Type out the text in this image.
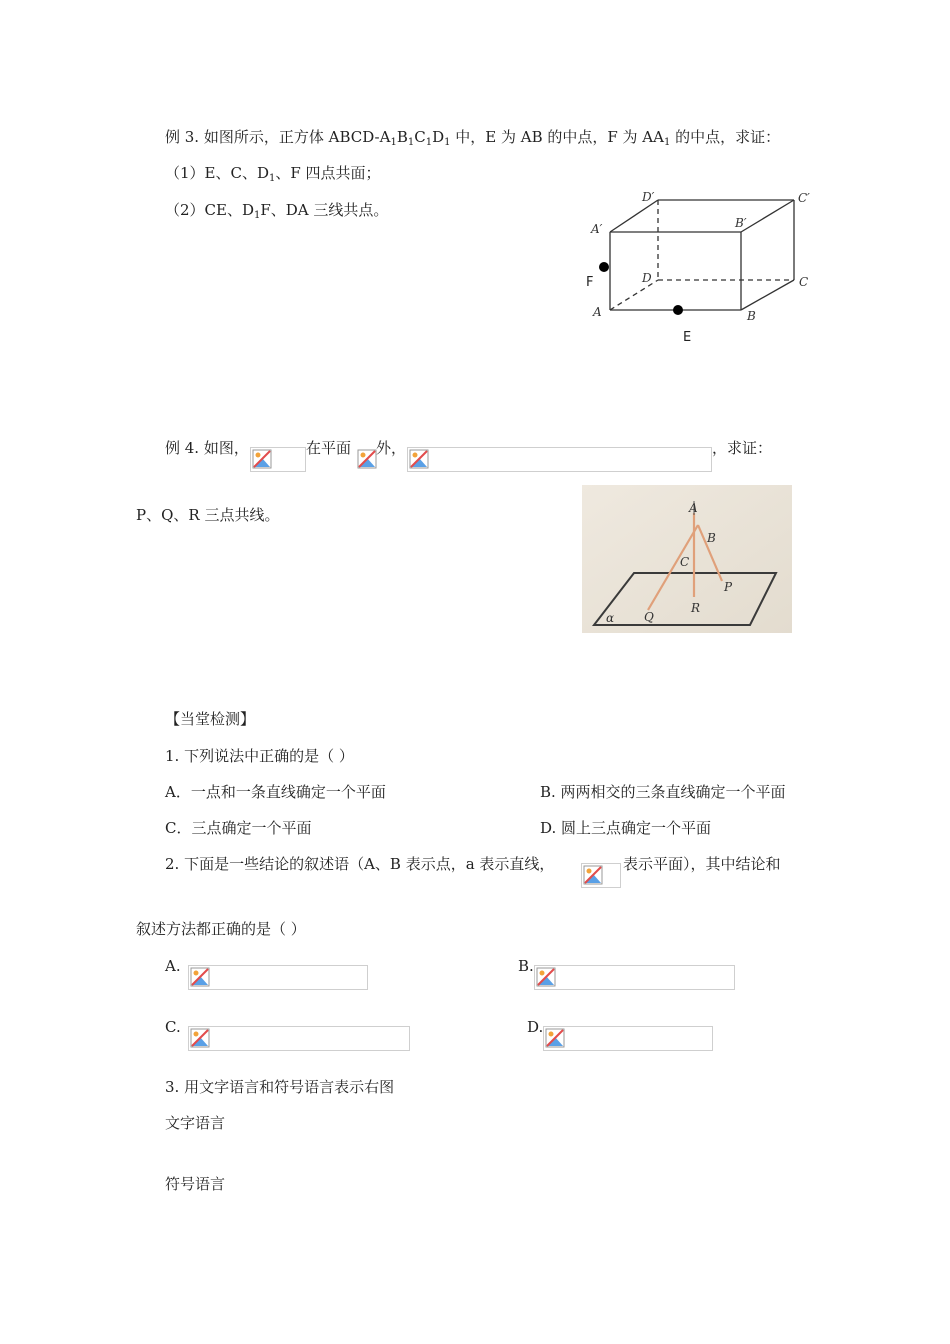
例 3. 如图所示，正方体 ABCD-$A_1B_1C_1D_1$ 中，E 为 AB 的中点，F 为 $AA_1$ 的中点，求证：
（1）E、C、$D_1$、F 四点共面；
（2）CE、$D_1F$、DA 三线共点。
D′	C′
A′	B′
D	C
A	B
F
E
例 4. 如图，	在平面 外，	，求证：
P、Q、R 三点共线。	A
B
C
P
Q
R
α
【当堂检测】
1. 下列说法中正确的是（ ）
A．一点和一条直线确定一个平面	B. 两两相交的三条直线确定一个平面
C．三点确定一个平面	D. 圆上三点确定一个平面
2. 下面是一些结论的叙述语（A、B 表示点，a 表示直线，	表示平面），其中结论和
叙述方法都正确的是（ ）
A.	B.
C.	D.
3. 用文字语言和符号语言表示右图
文字语言
符号语言
